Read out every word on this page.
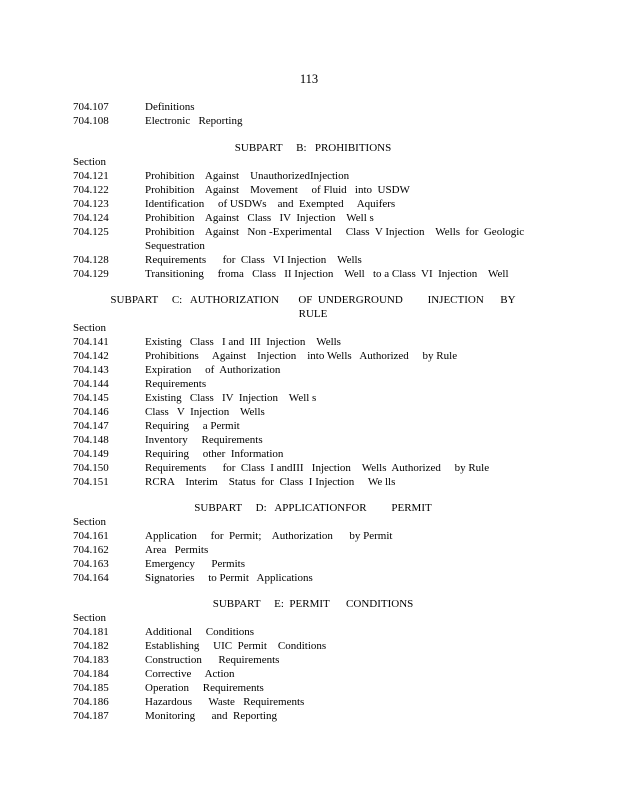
113
704.107	Definitions
704.108	Electronic   Reporting
SUBPART     B:   PROHIBITIONS
Section
704.121	Prohibition    Against    UnauthorizedInjection
704.122	Prohibition    Against    Movement     of Fluid   into  USDW
704.123	Identification     of USDWs    and  Exempted     Aquifers
704.124	Prohibition    Against   Class   IV  Injection    Well s
704.125	Prohibition    Against   Non -Experimental     Class  V Injection    Wells  for  Geologic
Sequestration
704.128	Requirements      for  Class   VI Injection    Wells
704.129	Transitioning     froma   Class   II Injection    Well   to a Class  VI  Injection    Well
SUBPART     C:   AUTHORIZATION       OF  UNDERGROUND         INJECTION      BY
RULE
Section
704.141	Existing   Class   I and  III  Injection    Wells
704.142	Prohibitions     Against    Injection    into Wells   Authorized     by Rule
704.143	Expiration     of  Authorization
704.144	Requirements
704.145	Existing   Class   IV  Injection    Well s
704.146	Class   V  Injection    Wells
704.147	Requiring     a Permit
704.148	Inventory     Requirements
704.149	Requiring     other  Information
704.150	Requirements      for  Class  I andIII   Injection    Wells  Authorized     by Rule
704.151	RCRA    Interim    Status  for  Class  I Injection     We lls
SUBPART     D:   APPLICATIONFOR         PERMIT
Section
704.161	Application     for  Permit;    Authorization      by Permit
704.162	Area   Permits
704.163	Emergency      Permits
704.164	Signatories     to Permit   Applications
SUBPART     E:  PERMIT      CONDITIONS
Section
704.181	Additional     Conditions
704.182	Establishing     UIC  Permit    Conditions
704.183	Construction      Requirements
704.184	Corrective     Action
704.185	Operation     Requirements
704.186	Hazardous      Waste   Requirements
704.187	Monitoring      and  Reporting
